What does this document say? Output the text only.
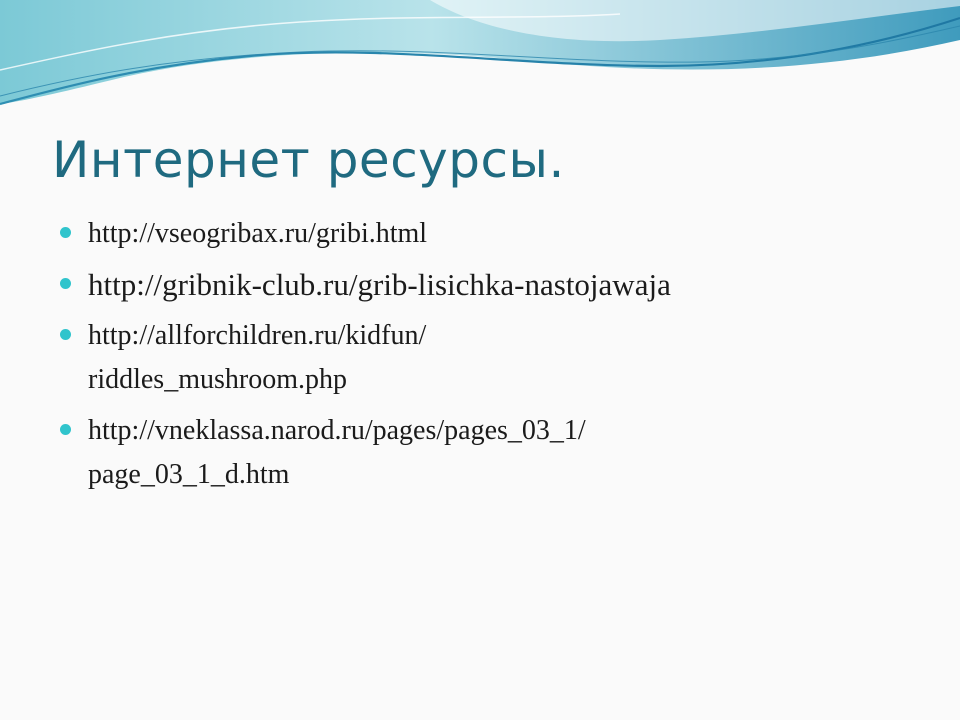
Интернет ресурсы.
http://vseogribax.ru/gribi.html
http://gribnik-club.ru/grib-lisichka-nastojawaja
http://allforchildren.ru/kidfun/
riddles_mushroom.php
http://vneklassa.narod.ru/pages/pages_03_1/
page_03_1_d.htm
